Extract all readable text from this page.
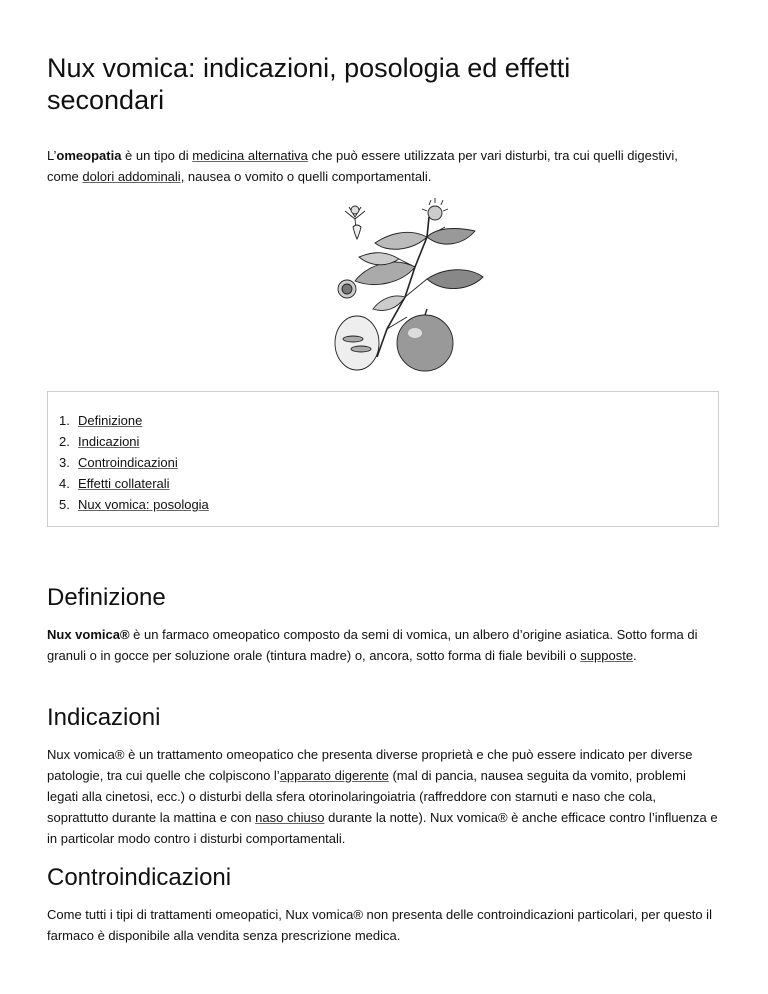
Nux vomica: indicazioni, posologia ed effetti secondari

L’omeopatia è un tipo di medicina alternativa che può essere utilizzata per vari disturbi, tra cui quelli digestivi, come dolori addominali, nausea o vomito o quelli comportamentali.

1. Definizione
2. Indicazioni
3. Controindicazioni
4. Effetti collaterali
5. Nux vomica: posologia
Definizione

Nux vomica® è un farmaco omeopatico composto da semi di vomica, un albero d’origine asiatica. Sotto forma di granuli o in gocce per soluzione orale (tintura madre) o, ancora, sotto forma di fiale bevibili o supposte.

Indicazioni

Nux vomica® è un trattamento omeopatico che presenta diverse proprietà e che può essere indicato per diverse patologie, tra cui quelle che colpiscono l’apparato digerente (mal di pancia, nausea seguita da vomito, problemi legati alla cinetosi, ecc.) o disturbi della sfera otorinolaringoiatria (raffreddore con starnuti e naso che cola, soprattutto durante la mattina e con naso chiuso durante la notte). Nux vomica® è anche efficace contro l’influenza e in particolar modo contro i disturbi comportamentali.

Controindicazioni

Come tutti i tipi di trattamenti omeopatici, Nux vomica® non presenta delle controindicazioni particolari, per questo il farmaco è disponibile alla vendita senza prescrizione medica.
